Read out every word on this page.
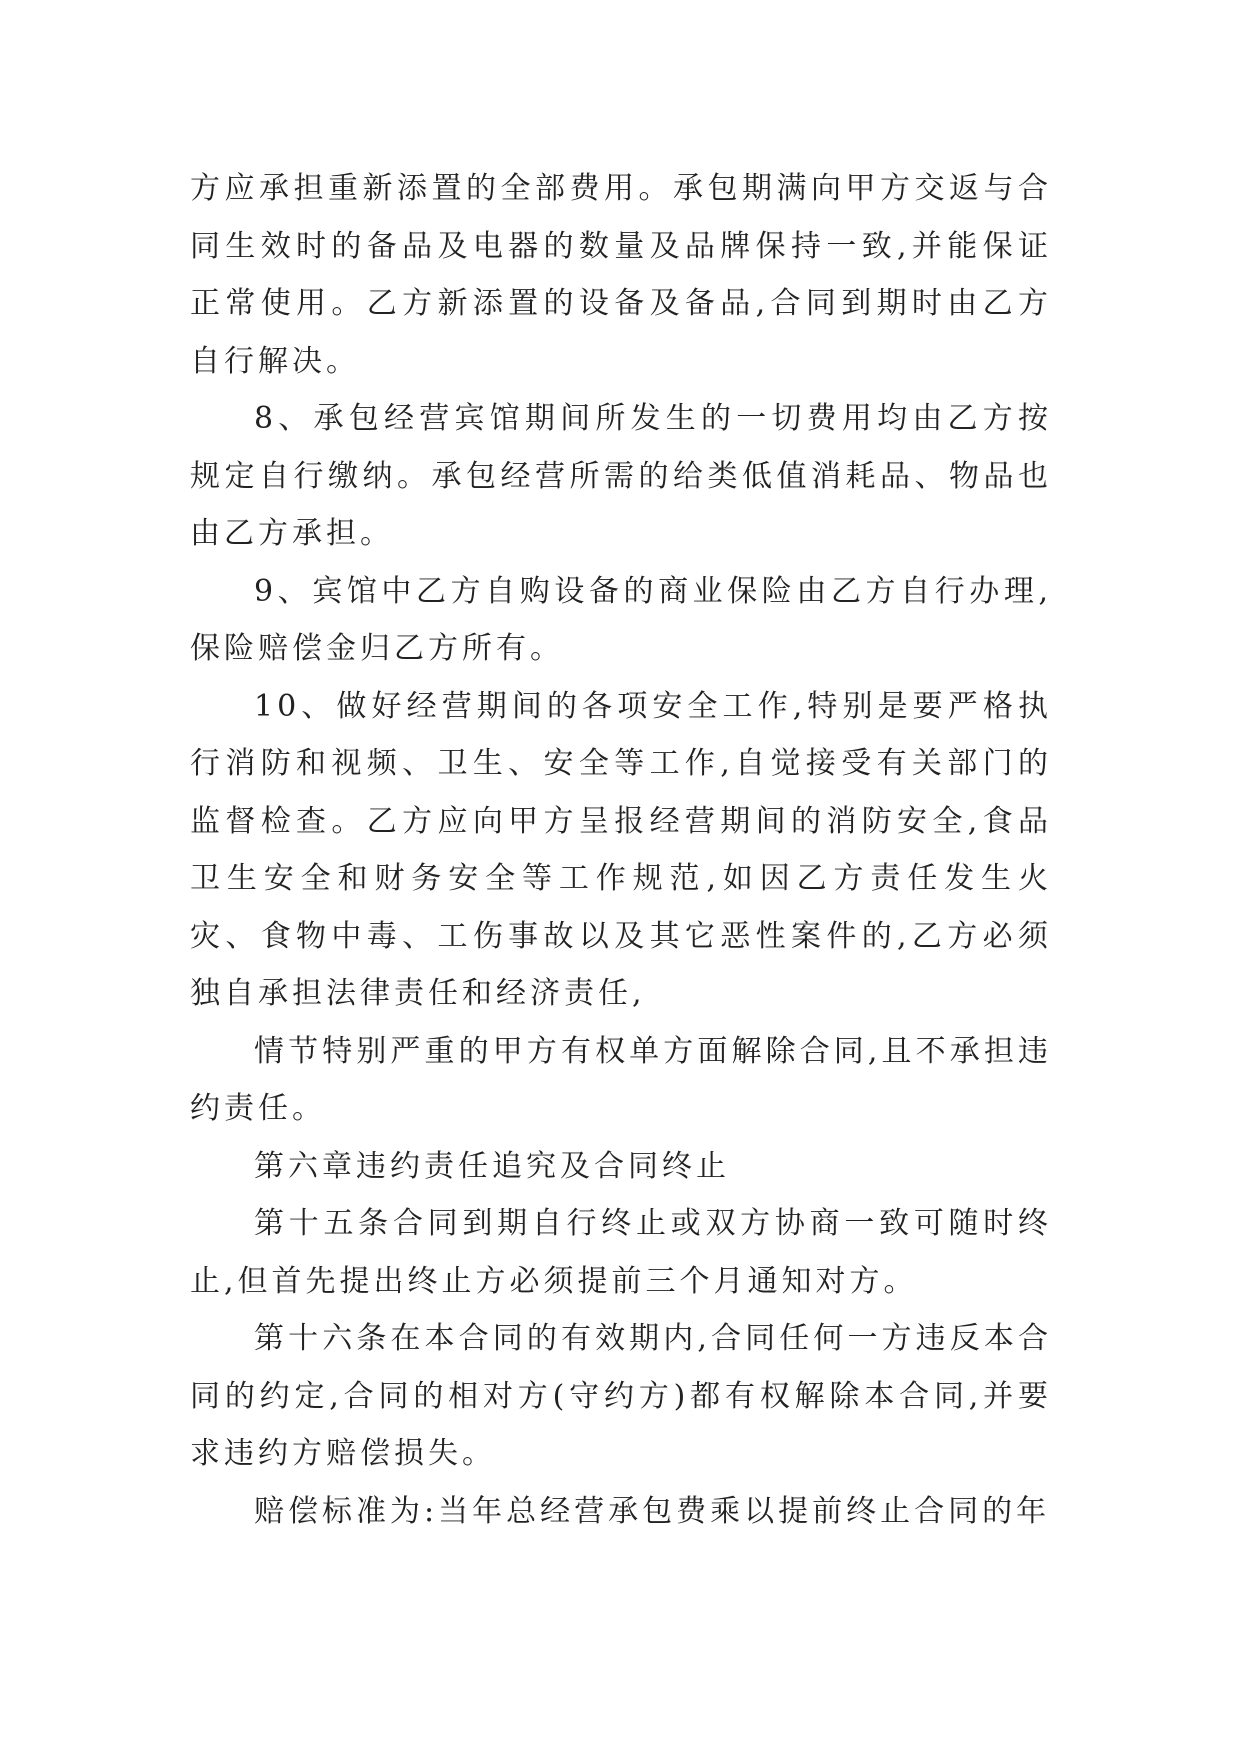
方应承担重新添置的全部费用。承包期满向甲方交返与合同生效时的备品及电器的数量及品牌保持一致,并能保证正常使用。乙方新添置的设备及备品,合同到期时由乙方自行解决。

8、承包经营宾馆期间所发生的一切费用均由乙方按规定自行缴纳。承包经营所需的给类低值消耗品、物品也由乙方承担。

9、宾馆中乙方自购设备的商业保险由乙方自行办理,保险赔偿金归乙方所有。

10、做好经营期间的各项安全工作,特别是要严格执行消防和视频、卫生、安全等工作,自觉接受有关部门的监督检查。乙方应向甲方呈报经营期间的消防安全,食品卫生安全和财务安全等工作规范,如因乙方责任发生火灾、食物中毒、工伤事故以及其它恶性案件的,乙方必须独自承担法律责任和经济责任,

情节特别严重的甲方有权单方面解除合同,且不承担违约责任。

第六章违约责任追究及合同终止

第十五条合同到期自行终止或双方协商一致可随时终止,但首先提出终止方必须提前三个月通知对方。

第十六条在本合同的有效期内,合同任何一方违反本合同的约定,合同的相对方(守约方)都有权解除本合同,并要求违约方赔偿损失。

赔偿标准为:当年总经营承包费乘以提前终止合同的年
